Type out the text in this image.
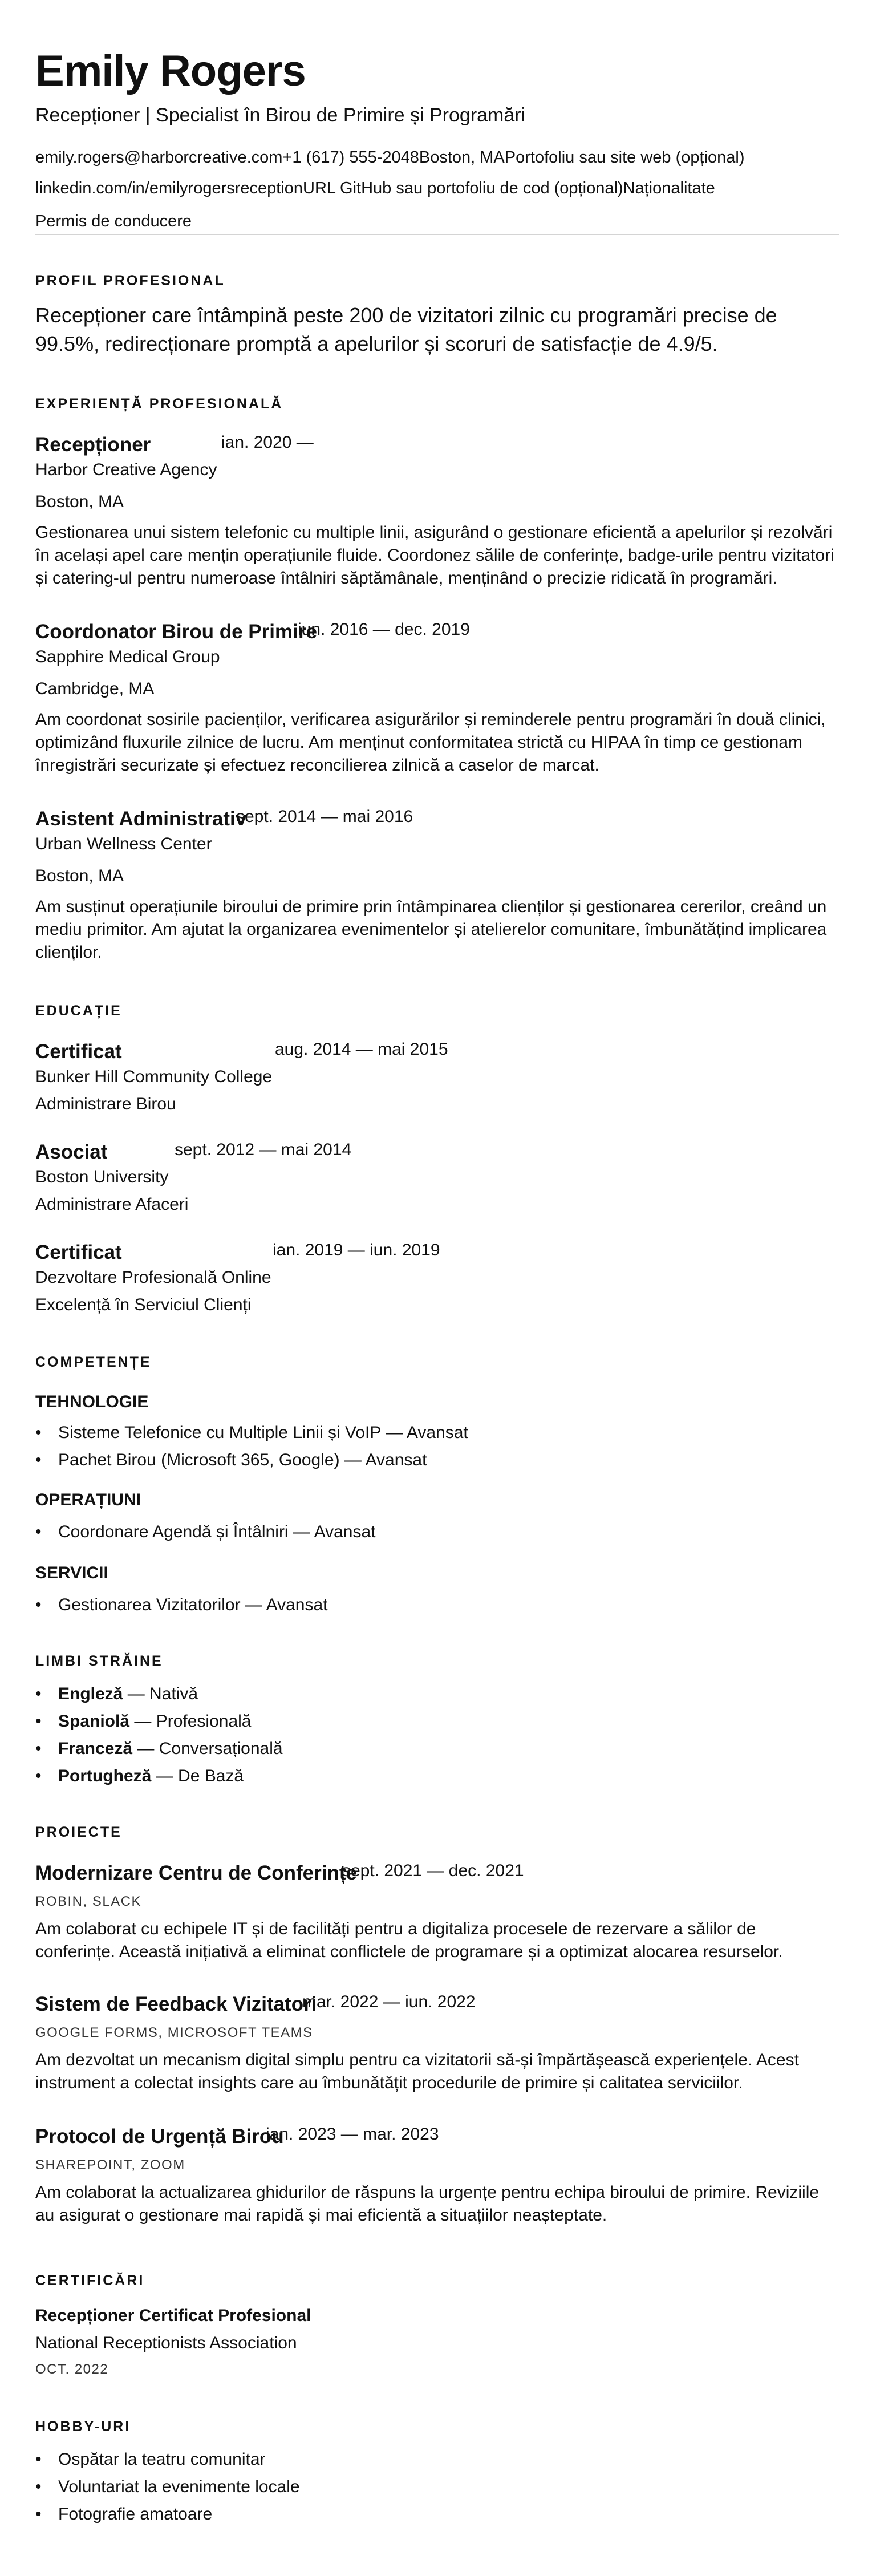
Emily Rogers
Recepționer | Specialist în Birou de Primire și Programări
emily.rogers@harborcreative.com+1 (617) 555-2048Boston, MAPortofoliu sau site web (opțional)
linkedin.com/in/emilyrogersreceptionURL GitHub sau portofoliu de cod (opțional)Naționalitate
Permis de conducere
PROFIL PROFESIONAL
Recepționer care întâmpină peste 200 de vizitatori zilnic cu programări precise de 99.5%, redirecționare promptă a apelurilor și scoruri de satisfacție de 4.9/5.
EXPERIENȚĂ PROFESIONALĂ
Recepționer	ian. 2020 —
Harbor Creative Agency
Boston, MA
Gestionarea unui sistem telefonic cu multiple linii, asigurând o gestionare eficientă a apelurilor și rezolvări în același apel care mențin operațiunile fluide. Coordonez sălile de conferințe, badge-urile pentru vizitatori și catering-ul pentru numeroase întâlniri săptămânale, menținând o precizie ridicată în programări.
Coordonator Birou de Primire
iun. 2016 — dec. 2019
Sapphire Medical Group
Cambridge, MA
Am coordonat sosirile pacienților, verificarea asigurărilor și reminderele pentru programări în două clinici, optimizând fluxurile zilnice de lucru. Am menținut conformitatea strictă cu HIPAA în timp ce gestionam înregistrări securizate și efectuez reconcilierea zilnică a caselor de marcat.
Asistent Administrativ
sept. 2014 — mai 2016
Urban Wellness Center
Boston, MA
Am susținut operațiunile biroului de primire prin întâmpinarea clienților și gestionarea cererilor, creând un mediu primitor. Am ajutat la organizarea evenimentelor și atelierelor comunitare, îmbunătățind implicarea clienților.
EDUCAȚIE
Certificat	aug. 2014 — mai 2015
Bunker Hill Community College
Administrare Birou
Asociat	sept. 2012 — mai 2014
Boston University
Administrare Afaceri
Certificat	ian. 2019 — iun. 2019
Dezvoltare Profesională Online
Excelență în Serviciul Clienți
COMPETENȚE
TEHNOLOGIE
• Sisteme Telefonice cu Multiple Linii și VoIP — Avansat
• Pachet Birou (Microsoft 365, Google) — Avansat
OPERAȚIUNI
• Coordonare Agendă și Întâlniri — Avansat
SERVICII
• Gestionarea Vizitatorilor — Avansat
LIMBI STRĂINE
• Engleză — Nativă
• Spaniolă — Profesională
• Franceză — Conversațională
• Portugheză — De Bază
PROIECTE
Modernizare Centru de Conferințe
sept. 2021 — dec. 2021
ROBIN, SLACK
Am colaborat cu echipele IT și de facilități pentru a digitaliza procesele de rezervare a sălilor de conferințe. Această inițiativă a eliminat conflictele de programare și a optimizat alocarea resurselor.
Sistem de Feedback Vizitatori
mar. 2022 — iun. 2022
GOOGLE FORMS, MICROSOFT TEAMS
Am dezvoltat un mecanism digital simplu pentru ca vizitatorii să-și împărtășească experiențele. Acest instrument a colectat insights care au îmbunătățit procedurile de primire și calitatea serviciilor.
Protocol de Urgență Birou
ian. 2023 — mar. 2023
SHAREPOINT, ZOOM
Am colaborat la actualizarea ghidurilor de răspuns la urgențe pentru echipa biroului de primire. Reviziile au asigurat o gestionare mai rapidă și mai eficientă a situațiilor neașteptate.
CERTIFICĂRI
Recepționer Certificat Profesional
National Receptionists Association
OCT. 2022
HOBBY-URI
• Ospătar la teatru comunitar
• Voluntariat la evenimente locale
• Fotografie amatoare
